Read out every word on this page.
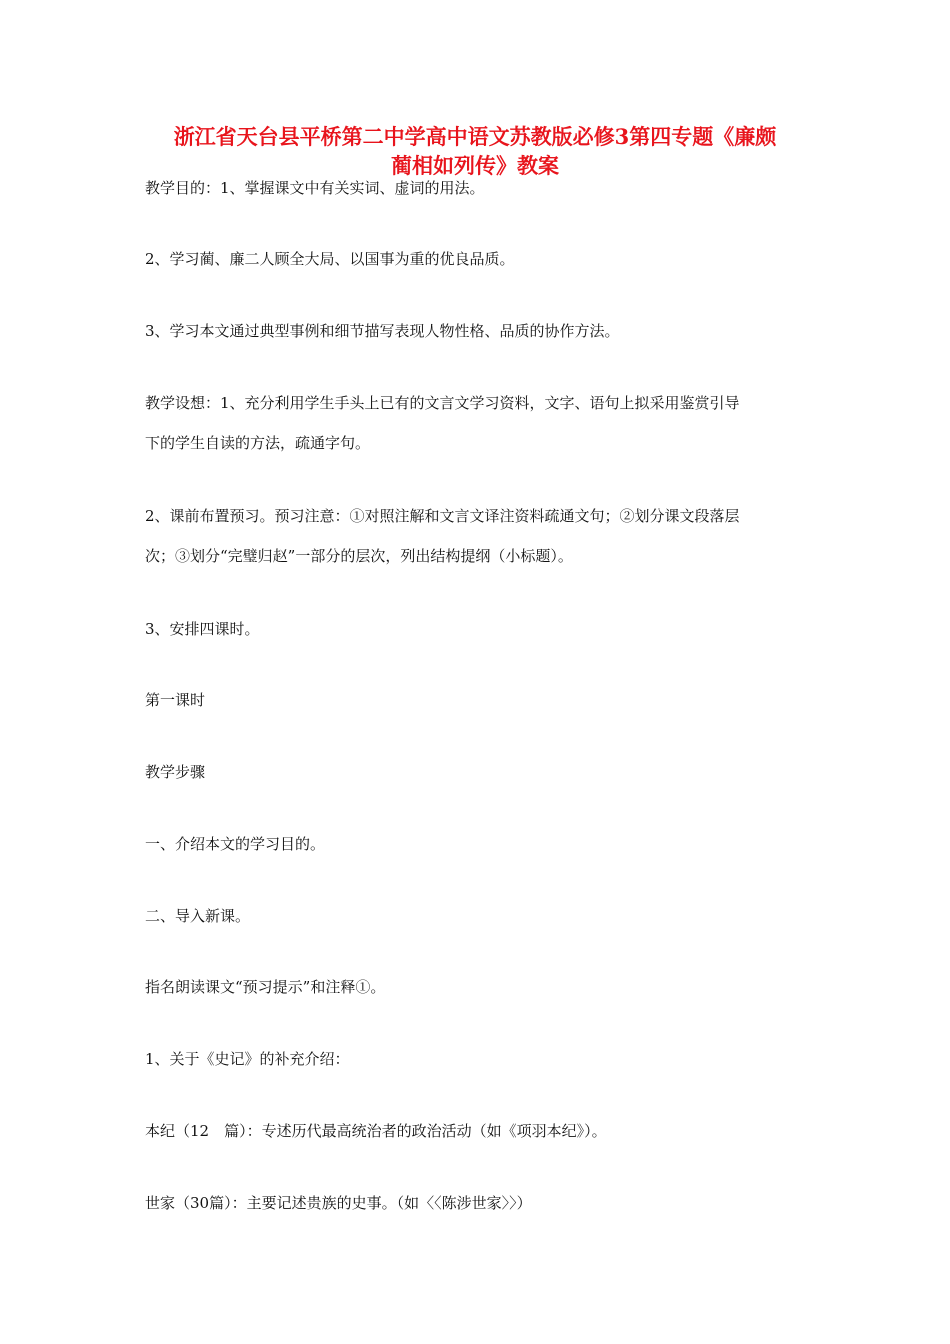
浙江省天台县平桥第二中学高中语文苏教版必修3第四专题《廉颇
蔺相如列传》教案

教学目的：1、掌握课文中有关实词、虚词的用法。

2、学习蔺、廉二人顾全大局、以国事为重的优良品质。

3、学习本文通过典型事例和细节描写表现人物性格、品质的协作方法。

教学设想：1、充分利用学生手头上已有的文言文学习资料，文字、语句上拟采用鉴赏引导

下的学生自读的方法，疏通字句。

2、课前布置预习。预习注意：①对照注解和文言文译注资料疏通文句；②划分课文段落层

次；③划分“完璧归赵”一部分的层次，列出结构提纲（小标题）。

3、安排四课时。

第一课时

教学步骤

一、介绍本文的学习目的。

二、导入新课。

指名朗读课文“预习提示”和注释①。

1、关于《史记》的补充介绍：

本纪（12　篇）：专述历代最高统治者的政治活动（如《项羽本纪》）。

世家（30篇）：主要记述贵族的史事。（如〈〈陈涉世家〉〉）
